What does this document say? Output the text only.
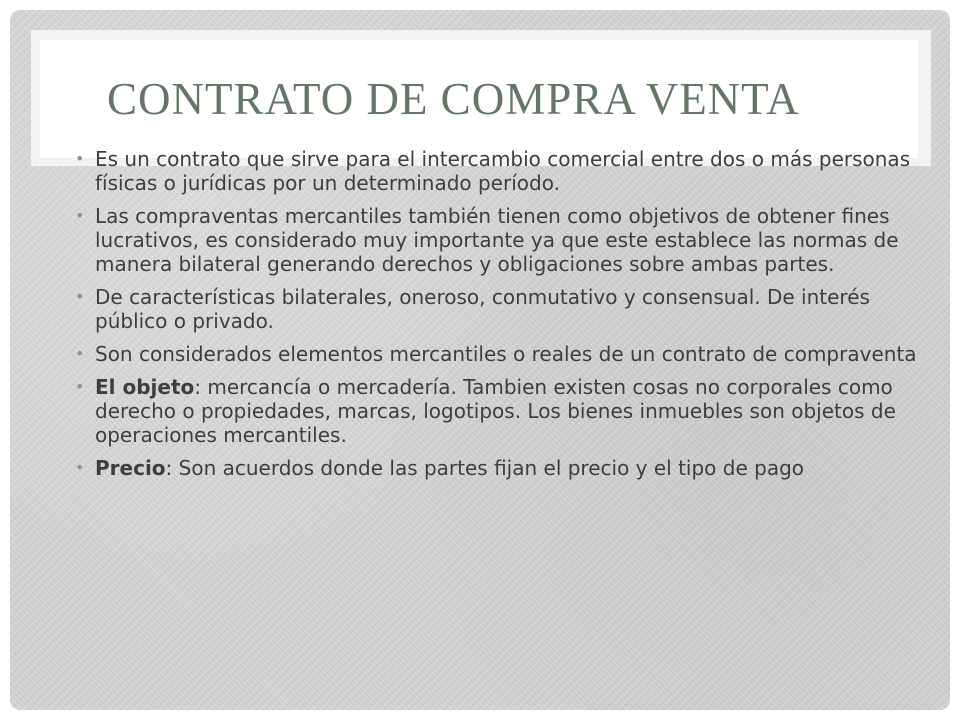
CONTRATO DE COMPRA VENTA
• Es un contrato que sirve para el intercambio comercial entre dos o más personas físicas o jurídicas por un determinado período.
• Las compraventas mercantiles también tienen como objetivos de obtener fines lucrativos, es considerado muy importante ya que este establece las normas de manera bilateral generando derechos y obligaciones sobre ambas partes.
• De características bilaterales, oneroso, conmutativo y consensual. De interés público o privado.
• Son considerados elementos mercantiles o reales de un contrato de compraventa
• El objeto: mercancía o mercadería. Tambien existen cosas no corporales como derecho o propiedades, marcas, logotipos. Los bienes inmuebles son objetos de operaciones mercantiles.
• Precio: Son acuerdos donde las partes fijan el precio y el tipo de pago
